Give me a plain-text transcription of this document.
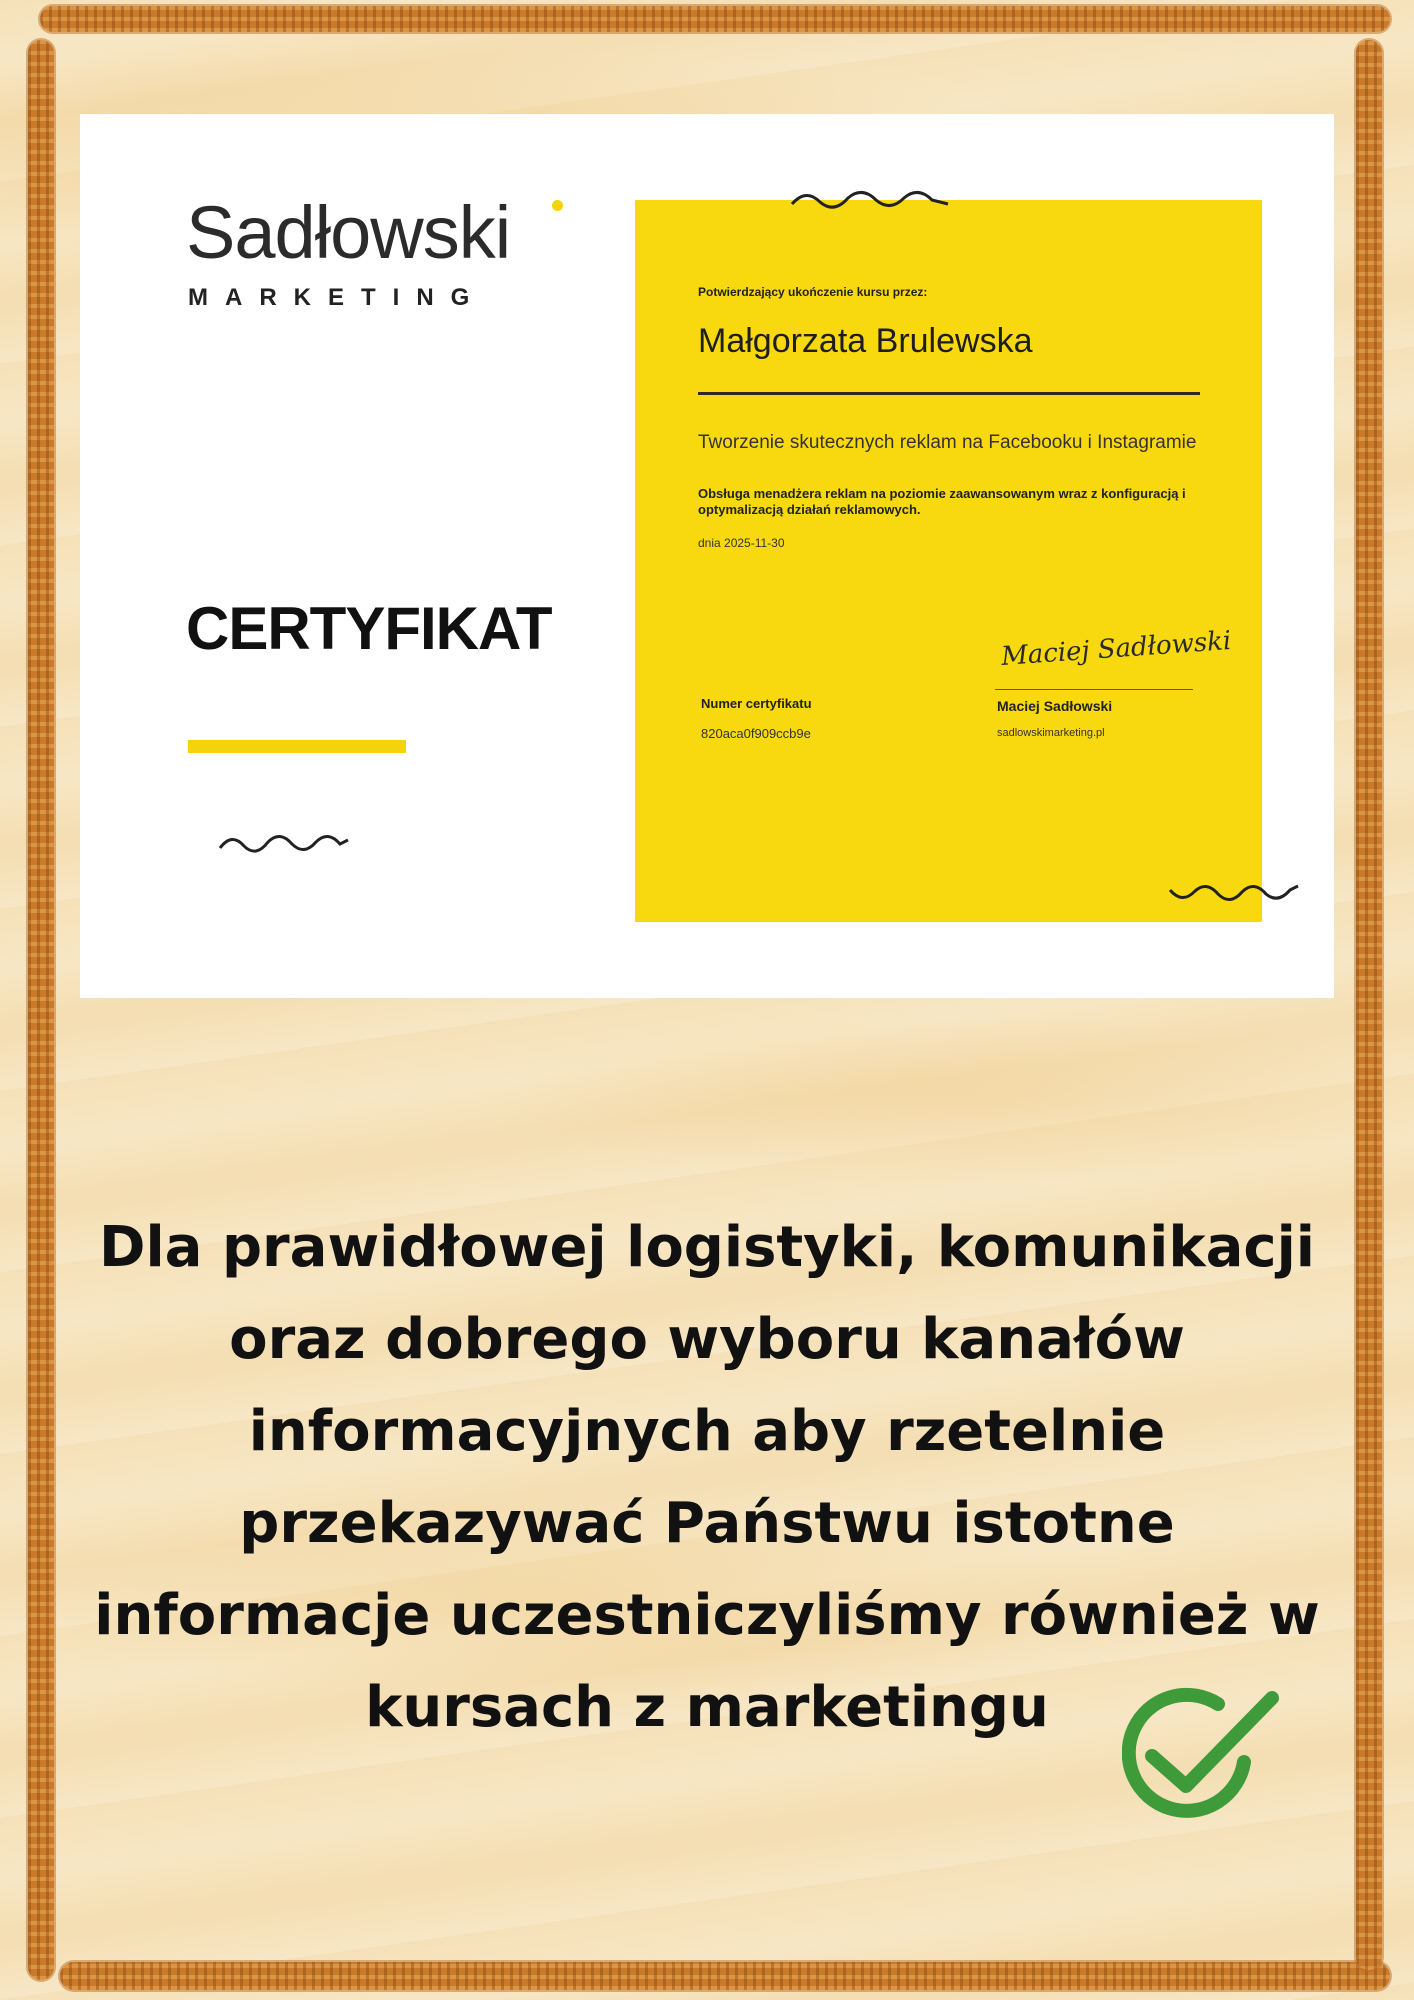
Sadłowski
MARKETING
CERTYFIKAT
Potwierdzający ukończenie kursu przez:
Małgorzata Brulewska
Tworzenie skutecznych reklam na Facebooku i Instagramie
Obsługa menadżera reklam na poziomie zaawansowanym wraz z konfiguracją i optymalizacją działań reklamowych.
dnia 2025-11-30
Numer certyfikatu
820aca0f909ccb9e
Maciej Sadłowski
Maciej Sadłowski
sadlowskimarketing.pl

Dla prawidłowej logistyki, komunikacji oraz dobrego wyboru kanałów informacyjnych aby rzetelnie przekazywać Państwu istotne informacje uczestniczyliśmy również w kursach z marketingu
